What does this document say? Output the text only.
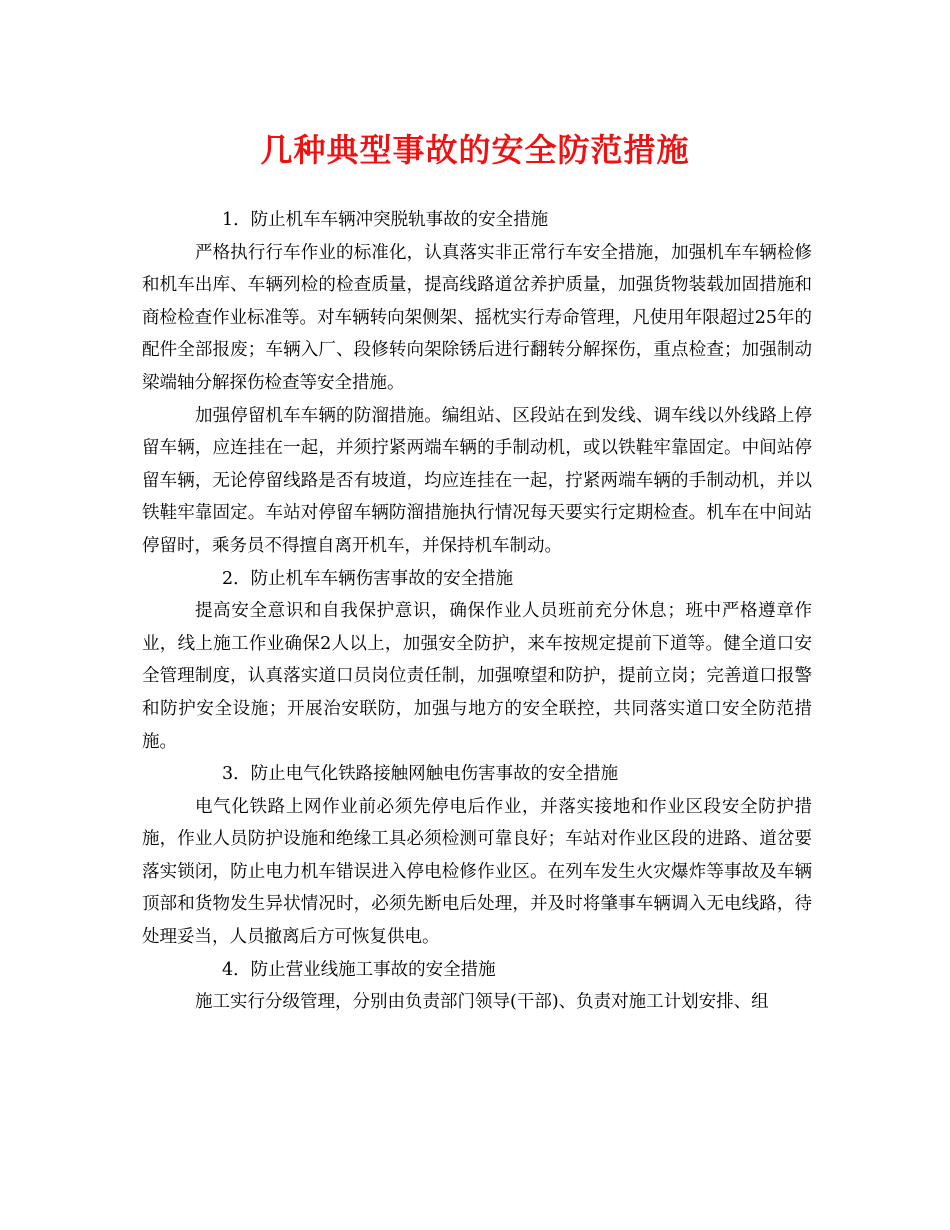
几种典型事故的安全防范措施

1．防止机车车辆冲突脱轨事故的安全措施

严格执行行车作业的标准化，认真落实非正常行车安全措施，加强机车车辆检修和机车出库、车辆列检的检查质量，提高线路道岔养护质量，加强货物装载加固措施和商检检查作业标准等。对车辆转向架侧架、摇枕实行寿命管理，凡使用年限超过25年的配件全部报废；车辆入厂、段修转向架除锈后进行翻转分解探伤，重点检查；加强制动梁端轴分解探伤检查等安全措施。

加强停留机车车辆的防溜措施。编组站、区段站在到发线、调车线以外线路上停留车辆，应连挂在一起，并须拧紧两端车辆的手制动机，或以铁鞋牢靠固定。中间站停留车辆，无论停留线路是否有坡道，均应连挂在一起，拧紧两端车辆的手制动机，并以铁鞋牢靠固定。车站对停留车辆防溜措施执行情况每天要实行定期检查。机车在中间站停留时，乘务员不得擅自离开机车，并保持机车制动。

2．防止机车车辆伤害事故的安全措施

提高安全意识和自我保护意识，确保作业人员班前充分休息；班中严格遵章作业，线上施工作业确保2人以上，加强安全防护，来车按规定提前下道等。健全道口安全管理制度，认真落实道口员岗位责任制，加强嘹望和防护，提前立岗；完善道口报警和防护安全设施；开展治安联防，加强与地方的安全联控，共同落实道口安全防范措施。

3．防止电气化铁路接触网触电伤害事故的安全措施

电气化铁路上网作业前必须先停电后作业，并落实接地和作业区段安全防护措施，作业人员防护设施和绝缘工具必须检测可靠良好；车站对作业区段的进路、道岔要落实锁闭，防止电力机车错误进入停电检修作业区。在列车发生火灾爆炸等事故及车辆顶部和货物发生异状情况时，必须先断电后处理，并及时将肇事车辆调入无电线路，待处理妥当，人员撤离后方可恢复供电。

4．防止营业线施工事故的安全措施

施工实行分级管理，分别由负责部门领导(干部)、负责对施工计划安排、组
